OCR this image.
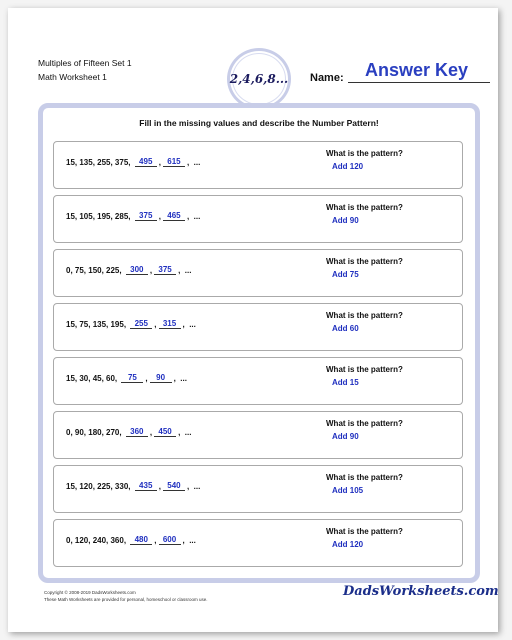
Multiples of Fifteen Set 1
Math Worksheet 1	2,4,6,8... Name:	Answer Key
Fill in the missing values and describe the Number Pattern!
15, 135, 255, 375,
	495 , 615 ,  ...
What is the pattern?
Add 120
15, 105, 195, 285,
	375 , 465 ,  ...
What is the pattern?
Add 90
0, 75, 150, 225,
	300 , 375 ,  ...
What is the pattern?
Add 75
15, 75, 135, 195,
	255 , 315 ,  ...
What is the pattern?
Add 60
15, 30, 45, 60,
	75	,	90	,  ...
What is the pattern?
Add 15
0, 90, 180, 270,
	360 , 450 ,  ...
What is the pattern?
Add 90
15, 120, 225, 330,
	435 , 540 ,  ...
What is the pattern?
Add 105
0, 120, 240, 360,
	480 , 600 ,  ...
What is the pattern?
Add 120
Copyright © 2008-2019 DadsWorksheets.com
These Math Worksheets are provided for personal, homeschool or classroom use.
DadsWorksheets.com
